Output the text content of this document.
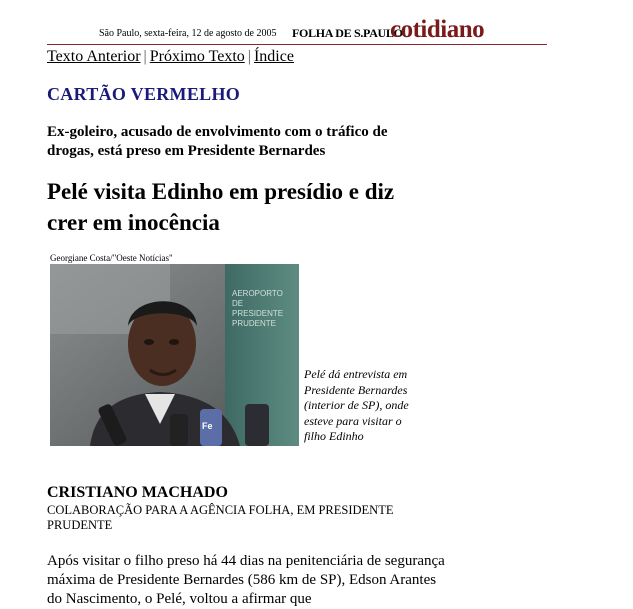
São Paulo, sexta-feira, 12 de agosto de 2005 FOLHA DE S.PAULO
cotidiano
Texto Anterior | Próximo Texto | Índice
CARTÃO VERMELHO
Ex-goleiro, acusado de envolvimento com o tráfico de drogas, está preso em Presidente Bernardes
Pelé visita Edinho em presídio e diz crer em inocência
Georgiane Costa/"Oeste Notícias"
AEROPORTO
DE
PRESIDENTE
PRUDENTE
Fe
Pelé dá entrevista em Presidente Bernardes (interior de SP), onde esteve para visitar o filho Edinho
CRISTIANO MACHADO
COLABORAÇÃO PARA A AGÊNCIA FOLHA, EM PRESIDENTE PRUDENTE
Após visitar o filho preso há 44 dias na penitenciária de segurança máxima de Presidente Bernardes (586 km de SP), Edson Arantes do Nascimento, o Pelé, voltou a afirmar que
